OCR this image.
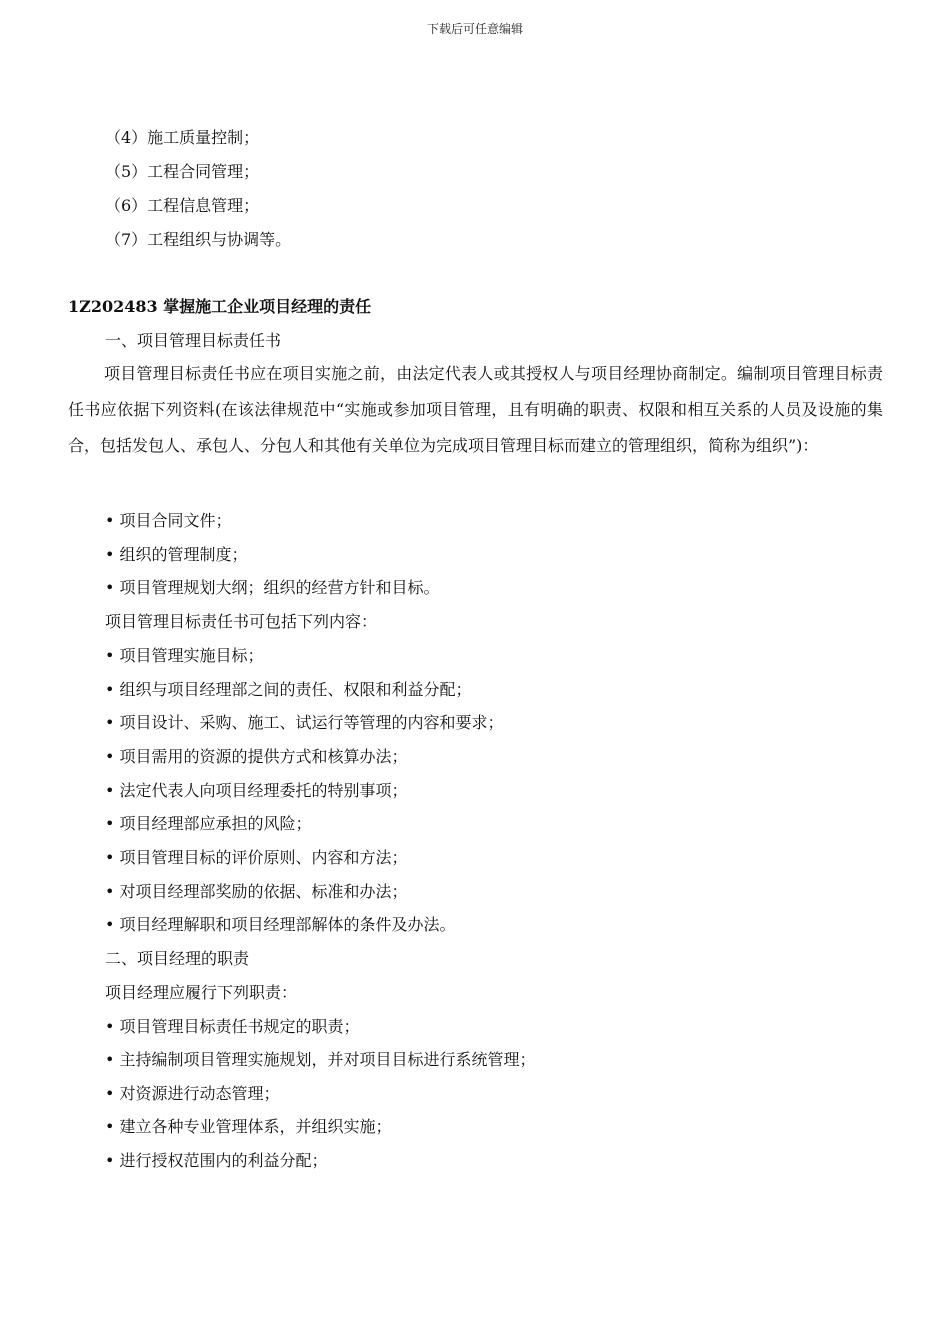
下载后可任意编辑
（4）施工质量控制；
（5）工程合同管理；
（6）工程信息管理；
（7）工程组织与协调等。
1Z202483 掌握施工企业项目经理的责任
一、项目管理目标责任书
项目管理目标责任书应在项目实施之前，由法定代表人或其授权人与项目经理协商制定。编制项目管理目标责任书应依据下列资料(在该法律规范中“实施或参加项目管理，且有明确的职责、权限和相互关系的人员及设施的集合，包括发包人、承包人、分包人和其他有关单位为完成项目管理目标而建立的管理组织，简称为组织”)：
• 项目合同文件；
• 组织的管理制度；
• 项目管理规划大纲；组织的经营方针和目标。
项目管理目标责任书可包括下列内容：
• 项目管理实施目标；
• 组织与项目经理部之间的责任、权限和利益分配；
• 项目设计、采购、施工、试运行等管理的内容和要求；
• 项目需用的资源的提供方式和核算办法；
• 法定代表人向项目经理委托的特别事项；
• 项目经理部应承担的风险；
• 项目管理目标的评价原则、内容和方法；
• 对项目经理部奖励的依据、标准和办法；
• 项目经理解职和项目经理部解体的条件及办法。
二、项目经理的职责
项目经理应履行下列职责：
• 项目管理目标责任书规定的职责；
• 主持编制项目管理实施规划，并对项目目标进行系统管理；
• 对资源进行动态管理；
• 建立各种专业管理体系，并组织实施；
• 进行授权范围内的利益分配；
